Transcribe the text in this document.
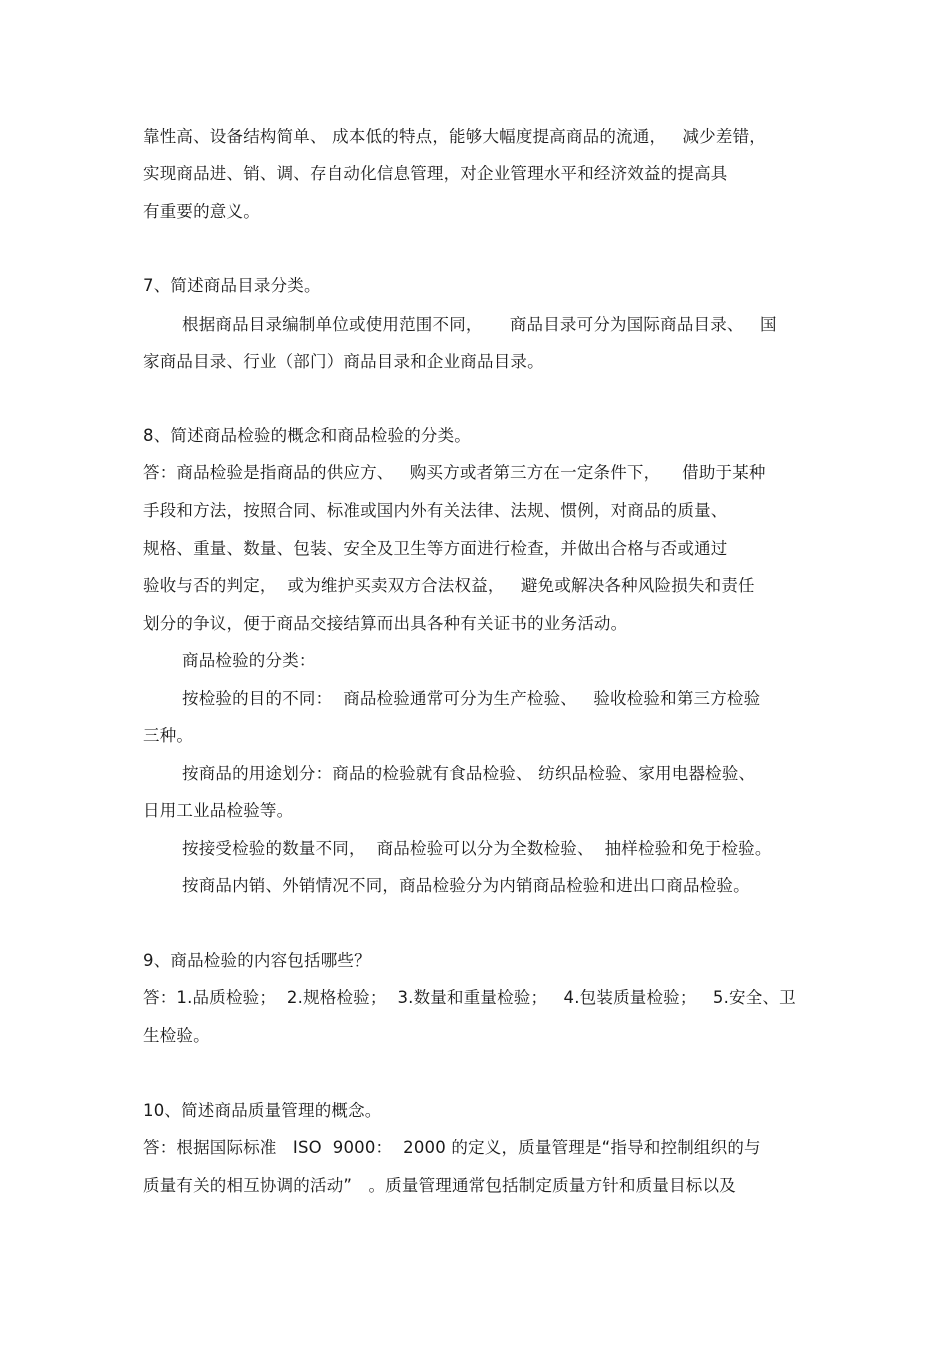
靠性高、设备结构简单、 成本低的特点，能够大幅度提高商品的流通，   减少差错，
实现商品进、销、调、存自动化信息管理，对企业管理水平和经济效益的提高具
有重要的意义。
7、简述商品目录分类。
根据商品目录编制单位或使用范围不同，     商品目录可分为国际商品目录、   国
家商品目录、行业（部门）商品目录和企业商品目录。
8、简述商品检验的概念和商品检验的分类。
答：商品检验是指商品的供应方、   购买方或者第三方在一定条件下，    借助于某种
手段和方法，按照合同、标准或国内外有关法律、法规、惯例，对商品的质量、
规格、重量、数量、包装、安全及卫生等方面进行检查，并做出合格与否或通过
验收与否的判定，  或为维护买卖双方合法权益，   避免或解决各种风险损失和责任
划分的争议，便于商品交接结算而出具各种有关证书的业务活动。
商品检验的分类：
按检验的目的不同：  商品检验通常可分为生产检验、   验收检验和第三方检验
三种。
按商品的用途划分：商品的检验就有食品检验、 纺织品检验、家用电器检验、
日用工业品检验等。
按接受检验的数量不同，  商品检验可以分为全数检验、  抽样检验和免于检验。
按商品内销、外销情况不同，商品检验分为内销商品检验和进出口商品检验。
9、商品检验的内容包括哪些？
答：1.品质检验；  2.规格检验；  3.数量和重量检验；   4.包装质量检验；   5.安全、卫
生检验。
10、简述商品质量管理的概念。
答：根据国际标准   ISO  9000：  2000 的定义，质量管理是“指导和控制组织的与
质量有关的相互协调的活动”   。质量管理通常包括制定质量方针和质量目标以及
